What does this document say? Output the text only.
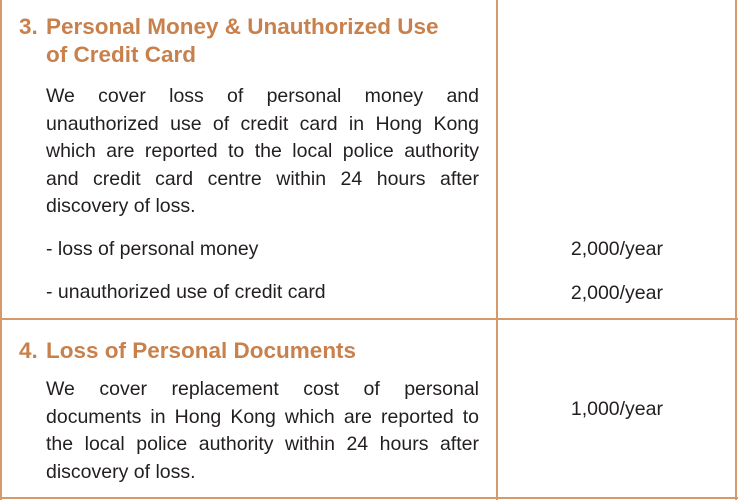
3. Personal Money & Unauthorized Use
of Credit Card

We cover loss of personal money and unauthorized use of credit card in Hong Kong which are reported to the local police authority and credit card centre within 24 hours after discovery of loss.

- loss of personal money

- unauthorized use of credit card

2,000/year

2,000/year

4. Loss of Personal Documents

We cover replacement cost of personal documents in Hong Kong which are reported to the local police authority within 24 hours after discovery of loss.

1,000/year
